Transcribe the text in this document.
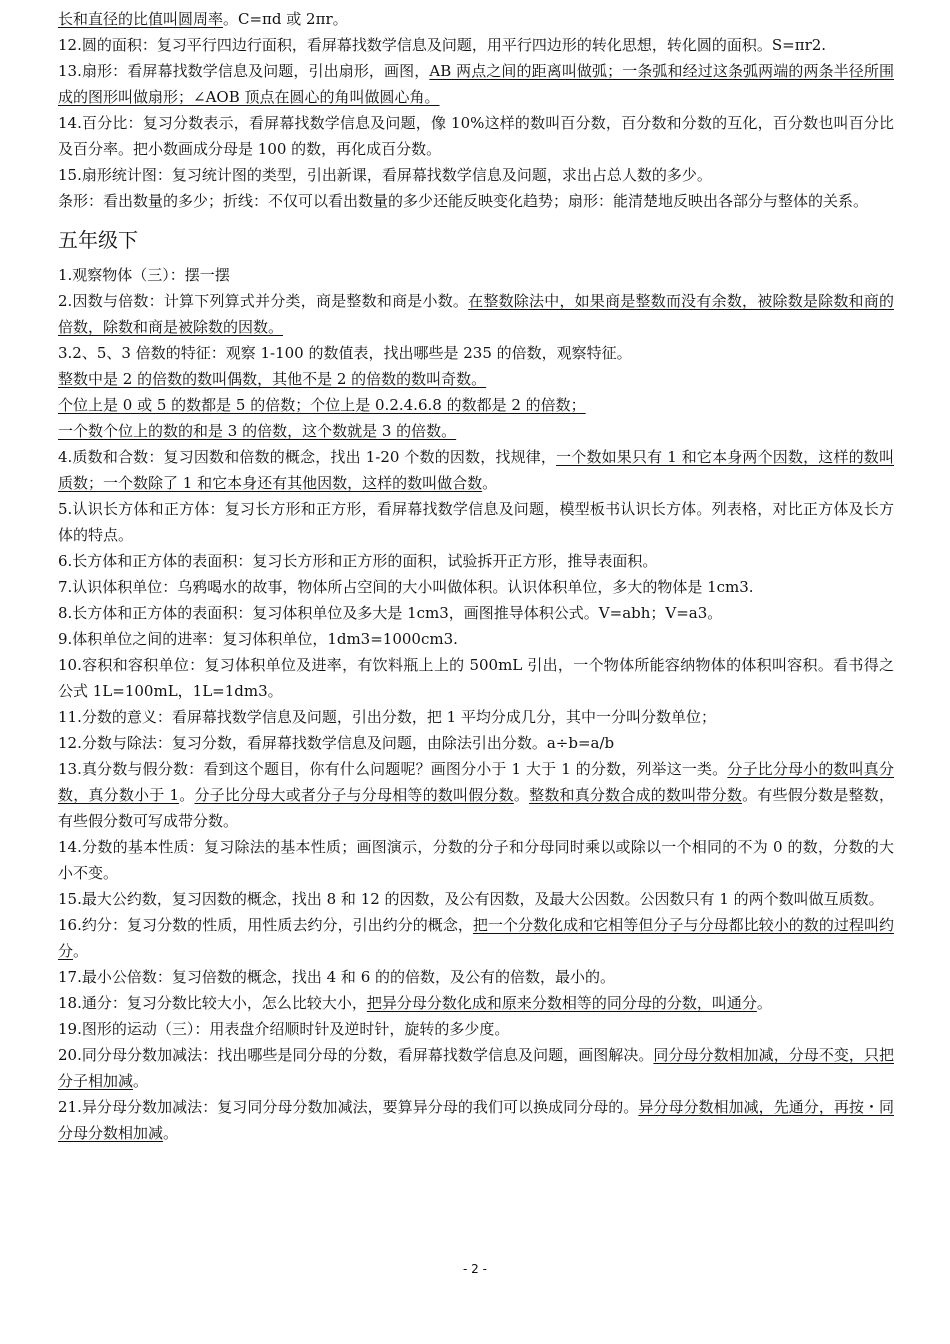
长和直径的比值叫圆周率。C=πd 或 2πr。

12.圆的面积：复习平行四边行面积，看屏幕找数学信息及问题，用平行四边形的转化思想，转化圆的面积。S=πr2.

13.扇形：看屏幕找数学信息及问题，引出扇形，画图，AB 两点之间的距离叫做弧；一条弧和经过这条弧两端的两条半径所围成的图形叫做扇形；∠AOB 顶点在圆心的角叫做圆心角。

14.百分比：复习分数表示，看屏幕找数学信息及问题，像 10%这样的数叫百分数，百分数和分数的互化，百分数也叫百分比及百分率。把小数画成分母是 100 的数，再化成百分数。

15.扇形统计图：复习统计图的类型，引出新课，看屏幕找数学信息及问题，求出占总人数的多少。

条形：看出数量的多少；折线：不仅可以看出数量的多少还能反映变化趋势；扇形：能清楚地反映出各部分与整体的关系。

五年级下

1.观察物体（三）：摆一摆

2.因数与倍数：计算下列算式并分类，商是整数和商是小数。在整数除法中，如果商是整数而没有余数，被除数是除数和商的倍数，除数和商是被除数的因数。

3.2、5、3 倍数的特征：观察 1-100 的数值表，找出哪些是 235 的倍数，观察特征。

整数中是 2 的倍数的数叫偶数，其他不是 2 的倍数的数叫奇数。

个位上是 0 或 5 的数都是 5 的倍数；个位上是 0.2.4.6.8 的数都是 2 的倍数；

一个数个位上的数的和是 3 的倍数，这个数就是 3 的倍数。

4.质数和合数：复习因数和倍数的概念，找出 1-20 个数的因数，找规律，一个数如果只有 1 和它本身两个因数，这样的数叫质数；一个数除了 1 和它本身还有其他因数，这样的数叫做合数。

5.认识长方体和正方体：复习长方形和正方形，看屏幕找数学信息及问题，模型板书认识长方体。列表格，对比正方体及长方体的特点。

6.长方体和正方体的表面积：复习长方形和正方形的面积，试验拆开正方形，推导表面积。

7.认识体积单位：乌鸦喝水的故事，物体所占空间的大小叫做体积。认识体积单位，多大的物体是 1cm3.

8.长方体和正方体的表面积：复习体积单位及多大是 1cm3，画图推导体积公式。V=abh；V=a3。

9.体积单位之间的进率：复习体积单位，1dm3=1000cm3.

10.容积和容积单位：复习体积单位及进率，有饮料瓶上上的 500mL 引出，一个物体所能容纳物体的体积叫容积。看书得之公式 1L=100mL，1L=1dm3。

11.分数的意义：看屏幕找数学信息及问题，引出分数，把 1 平均分成几分，其中一分叫分数单位；

12.分数与除法：复习分数，看屏幕找数学信息及问题，由除法引出分数。a÷b=a/b

13.真分数与假分数：看到这个题目，你有什么问题呢？画图分小于 1 大于 1 的分数，列举这一类。分子比分母小的数叫真分数，真分数小于 1。分子比分母大或者分子与分母相等的数叫假分数。整数和真分数合成的数叫带分数。有些假分数是整数，有些假分数可写成带分数。

14.分数的基本性质：复习除法的基本性质；画图演示，分数的分子和分母同时乘以或除以一个相同的不为 0 的数，分数的大小不变。

15.最大公约数，复习因数的概念，找出 8 和 12 的因数，及公有因数，及最大公因数。公因数只有 1 的两个数叫做互质数。

16.约分：复习分数的性质，用性质去约分，引出约分的概念，把一个分数化成和它相等但分子与分母都比较小的数的过程叫约分。

17.最小公倍数：复习倍数的概念，找出 4 和 6 的的倍数，及公有的倍数，最小的。

18.通分：复习分数比较大小，怎么比较大小，把异分母分数化成和原来分数相等的同分母的分数，叫通分。

19.图形的运动（三）：用表盘介绍顺时针及逆时针，旋转的多少度。

20.同分母分数加减法：找出哪些是同分母的分数，看屏幕找数学信息及问题，画图解决。同分母分数相加减，分母不变，只把分子相加减。

21.异分母分数加减法：复习同分母分数加减法，要算异分母的我们可以换成同分母的。异分母分数相加减，先通分，再按・同分母分数相加减。

- 2 -
